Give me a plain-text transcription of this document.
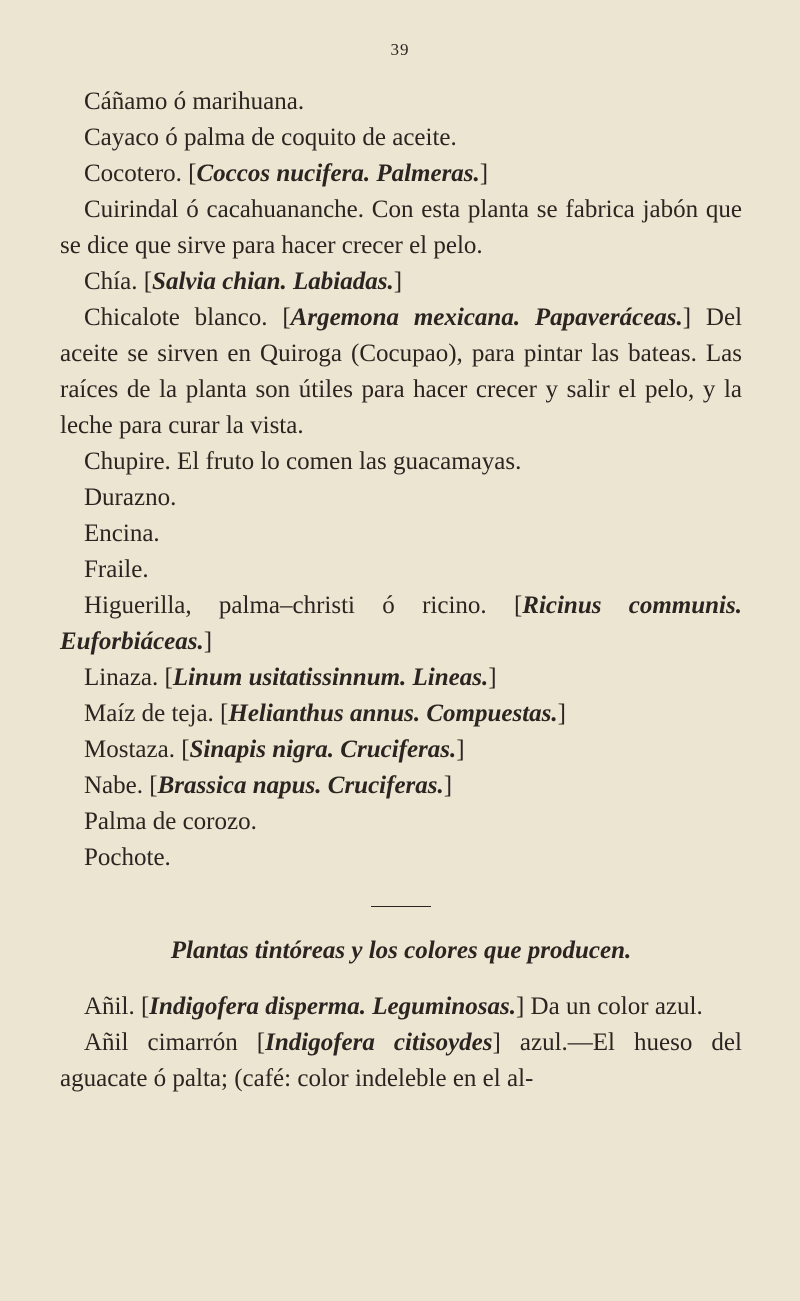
39

Cáñamo ó marihuana.

Cayaco ó palma de coquito de aceite.

Cocotero. [Coccos nucifera. Palmeras.]

Cuirindal ó cacahuananche. Con esta planta se fabrica jabón que se dice que sirve para hacer crecer el pelo.

Chía. [Salvia chian. Labiadas.]

Chicalote blanco. [Argemona mexicana. Papaveráceas.] Del aceite se sirven en Quiroga (Cocupao), para pintar las bateas. Las raíces de la planta son útiles para hacer crecer y salir el pelo, y la leche para curar la vista.

Chupire. El fruto lo comen las guacamayas.

Durazno.

Encina.

Fraile.

Higuerilla, palma–christi ó ricino. [Ricinus communis. Euforbiáceas.]

Linaza. [Linum usitatissinnum. Lineas.]

Maíz de teja. [Helianthus annus. Compuestas.]

Mostaza. [Sinapis nigra. Cruciferas.]

Nabe. [Brassica napus. Cruciferas.]

Palma de corozo.

Pochote.

Plantas tintóreas y los colores que producen.

Añil. [Indigofera disperma. Leguminosas.] Da un color azul.

Añil cimarrón [Indigofera citisoydes] azul.—El hueso del aguacate ó palta; (café: color indeleble en el al-
